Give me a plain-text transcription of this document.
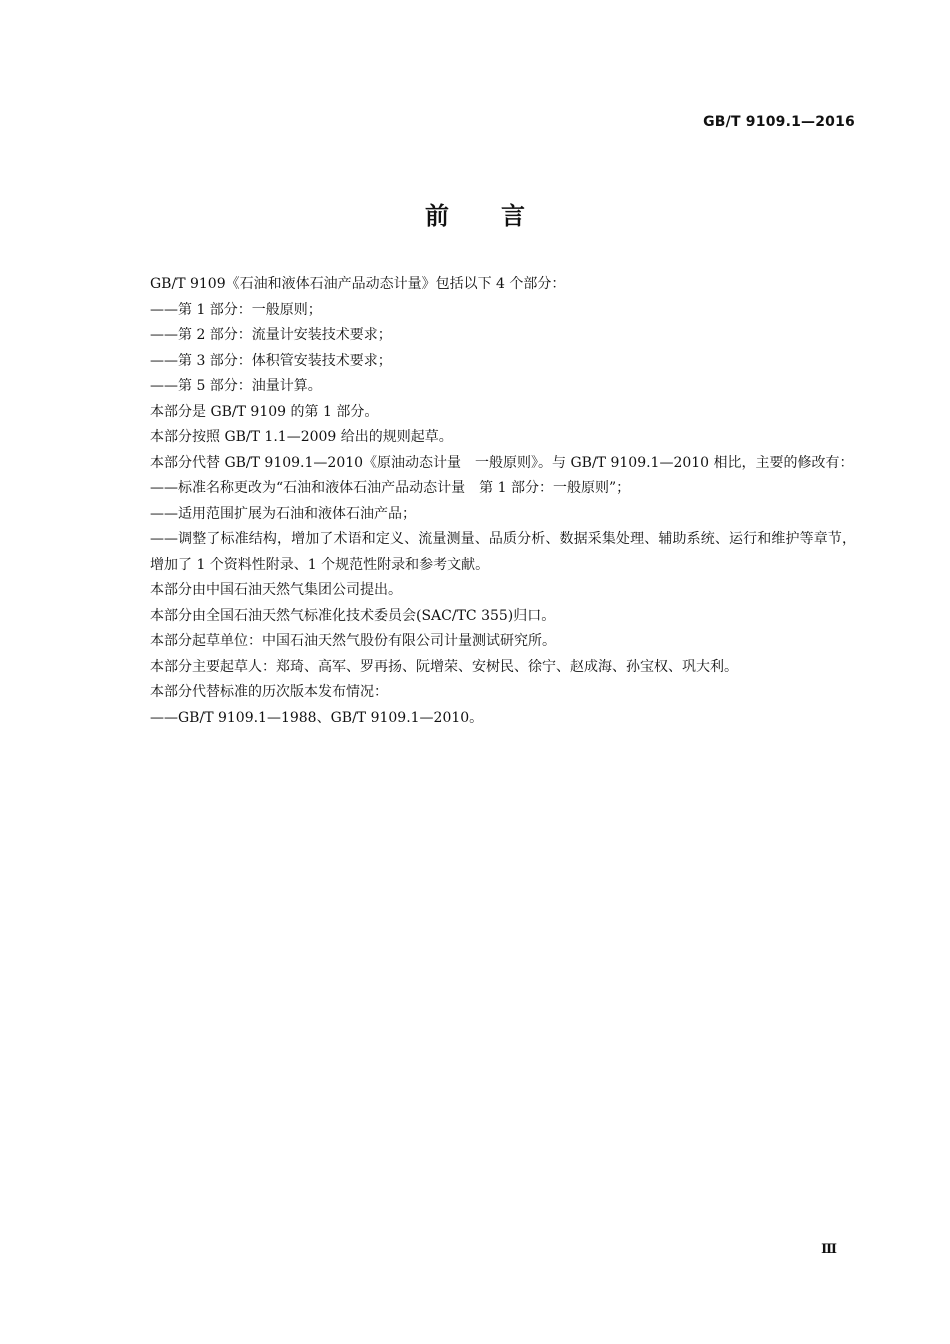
GB/T 9109.1—2016
前言

GB/T 9109《石油和液体石油产品动态计量》包括以下 4 个部分：

——第 1 部分：一般原则；

——第 2 部分：流量计安装技术要求；

——第 3 部分：体积管安装技术要求；

——第 5 部分：油量计算。

本部分是 GB/T 9109 的第 1 部分。

本部分按照 GB/T 1.1—2009 给出的规则起草。

本部分代替 GB/T 9109.1—2010《原油动态计量　一般原则》。与 GB/T 9109.1—2010 相比，主要的修改有：

——标准名称更改为“石油和液体石油产品动态计量　第 1 部分：一般原则”；

——适用范围扩展为石油和液体石油产品；

——调整了标准结构，增加了术语和定义、流量测量、品质分析、数据采集处理、辅助系统、运行和维护等章节，增加了 1 个资料性附录、1 个规范性附录和参考文献。

本部分由中国石油天然气集团公司提出。

本部分由全国石油天然气标准化技术委员会(SAC/TC 355)归口。

本部分起草单位：中国石油天然气股份有限公司计量测试研究所。

本部分主要起草人：郑琦、高军、罗再扬、阮增荣、安树民、徐宁、赵成海、孙宝权、巩大利。

本部分代替标准的历次版本发布情况：

——GB/T 9109.1—1988、GB/T 9109.1—2010。

Ⅲ
